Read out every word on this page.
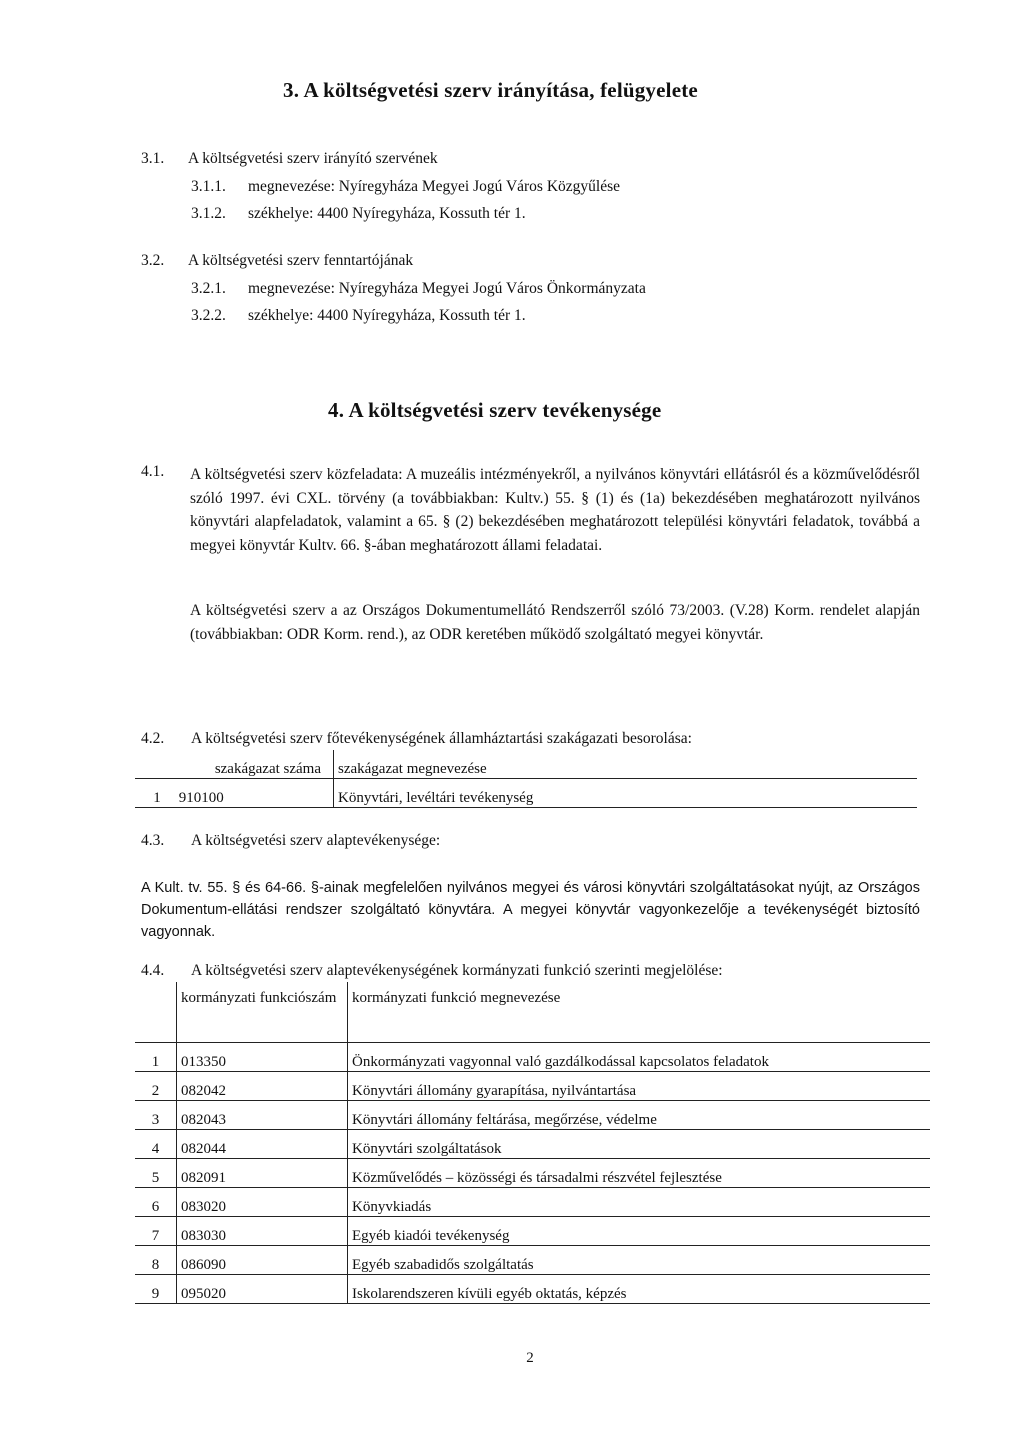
3. A költségvetési szerv irányítása, felügyelete
3.1. A költségvetési szerv irányító szervének
3.1.1. megnevezése: Nyíregyháza Megyei Jogú Város Közgyűlése
3.1.2. székhelye: 4400 Nyíregyháza, Kossuth tér 1.
3.2. A költségvetési szerv fenntartójának
3.2.1. megnevezése: Nyíregyháza Megyei Jogú Város Önkormányzata
3.2.2. székhelye: 4400 Nyíregyháza, Kossuth tér 1.
4. A költségvetési szerv tevékenysége
4.1. A költségvetési szerv közfeladata: A muzeális intézményekről, a nyilvános könyvtári ellátásról és a közművelődésről szóló 1997. évi CXL. törvény (a továbbiakban: Kultv.) 55. § (1) és (1a) bekezdésében meghatározott nyilvános könyvtári alapfeladatok, valamint a 65. § (2) bekezdésében meghatározott települési könyvtári feladatok, továbbá a megyei könyvtár Kultv. 66. §-ában meghatározott állami feladatai.
A költségvetési szerv a az Országos Dokumentumellátó Rendszerről szóló 73/2003. (V.28) Korm. rendelet alapján (továbbiakban: ODR Korm. rend.), az ODR keretében működő szolgáltató megyei könyvtár.
4.2. A költségvetési szerv főtevékenységének államháztartási szakágazati besorolása:
szakágazat száma	szakágazat megnevezése
1 910100	Könyvtári, levéltári tevékenység
4.3. A költségvetési szerv alaptevékenysége:
A Kult. tv. 55. § és 64-66. §-ainak megfelelően nyilvános megyei és városi könyvtári szolgáltatásokat nyújt, az Országos Dokumentum-ellátási rendszer szolgáltató könyvtára. A megyei könyvtár vagyonkezelője a tevékenységét biztosító vagyonnak.
4.4. A költségvetési szerv alaptevékenységének kormányzati funkció szerinti megjelölése:
	kormányzati funkciószám	kormányzati funkció megnevezése
1	013350	Önkormányzati vagyonnal való gazdálkodással kapcsolatos feladatok
2	082042	Könyvtári állomány gyarapítása, nyilvántartása
3	082043	Könyvtári állomány feltárása, megőrzése, védelme
4	082044	Könyvtári szolgáltatások
5	082091	Közművelődés – közösségi és társadalmi részvétel fejlesztése
6	083020	Könyvkiadás
7	083030	Egyéb kiadói tevékenység
8	086090	Egyéb szabadidős szolgáltatás
9	095020	Iskolarendszeren kívüli egyéb oktatás, képzés
2
